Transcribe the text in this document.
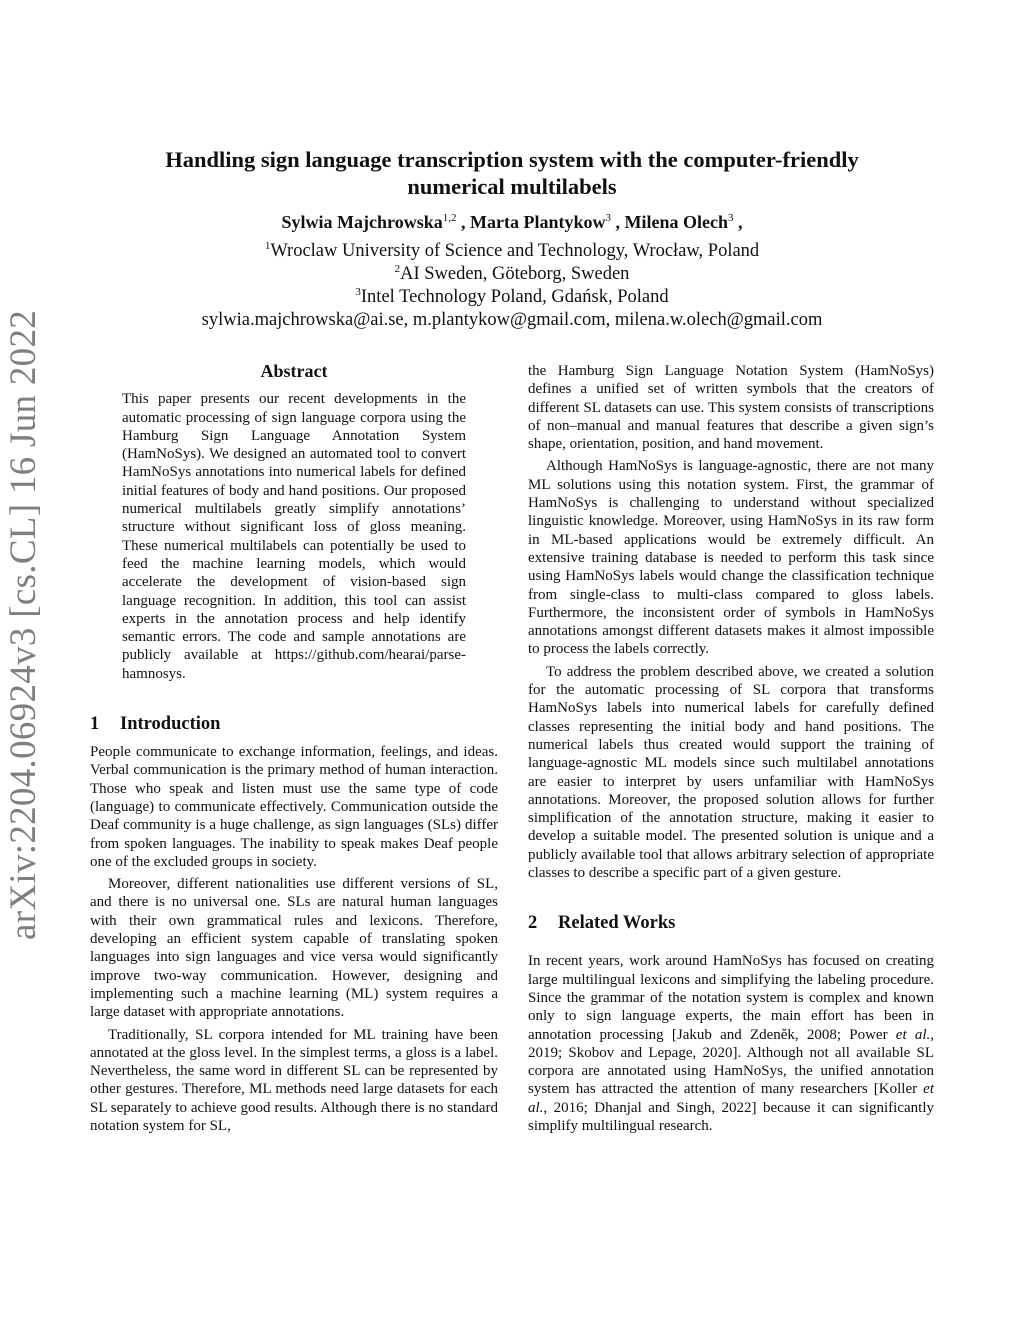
arXiv:2204.06924v3 [cs.CL] 16 Jun 2022
Handling sign language transcription system with the computer-friendly numerical multilabels
Sylwia Majchrowska$^{1,2}$ , Marta Plantykow$^3$ , Milena Olech$^3$ ,
$^1$Wroclaw University of Science and Technology, Wrocław, Poland
$^2$AI Sweden, Göteborg, Sweden
$^3$Intel Technology Poland, Gdańsk, Poland
sylwia.majchrowska@ai.se, m.plantykow@gmail.com, milena.w.olech@gmail.com
Abstract

This paper presents our recent developments in the automatic processing of sign language corpora using the Hamburg Sign Language Annotation System (HamNoSys). We designed an automated tool to convert HamNoSys annotations into numerical labels for defined initial features of body and hand positions. Our proposed numerical multilabels greatly simplify annotations’ structure without significant loss of gloss meaning. These numerical multilabels can potentially be used to feed the machine learning models, which would accelerate the development of vision-based sign language recognition. In addition, this tool can assist experts in the annotation process and help identify semantic errors. The code and sample annotations are publicly available at https://github.com/hearai/parse-hamnosys.

1 Introduction

People communicate to exchange information, feelings, and ideas. Verbal communication is the primary method of human interaction. Those who speak and listen must use the same type of code (language) to communicate effectively. Communication outside the Deaf community is a huge challenge, as sign languages (SLs) differ from spoken languages. The inability to speak makes Deaf people one of the excluded groups in society.

Moreover, different nationalities use different versions of SL, and there is no universal one. SLs are natural human languages with their own grammatical rules and lexicons. Therefore, developing an efficient system capable of translating spoken languages into sign languages and vice versa would significantly improve two-way communication. However, designing and implementing such a machine learning (ML) system requires a large dataset with appropriate annotations.

Traditionally, SL corpora intended for ML training have been annotated at the gloss level. In the simplest terms, a gloss is a label. Nevertheless, the same word in different SL can be represented by other gestures. Therefore, ML methods need large datasets for each SL separately to achieve good results. Although there is no standard notation system for SL,

the Hamburg Sign Language Notation System (HamNoSys) defines a unified set of written symbols that the creators of different SL datasets can use. This system consists of transcriptions of non–manual and manual features that describe a given sign’s shape, orientation, position, and hand movement.

Although HamNoSys is language-agnostic, there are not many ML solutions using this notation system. First, the grammar of HamNoSys is challenging to understand without specialized linguistic knowledge. Moreover, using HamNoSys in its raw form in ML-based applications would be extremely difficult. An extensive training database is needed to perform this task since using HamNoSys labels would change the classification technique from single-class to multi-class compared to gloss labels. Furthermore, the inconsistent order of symbols in HamNoSys annotations amongst different datasets makes it almost impossible to process the labels correctly.

To address the problem described above, we created a solution for the automatic processing of SL corpora that transforms HamNoSys labels into numerical labels for carefully defined classes representing the initial body and hand positions. The numerical labels thus created would support the training of language-agnostic ML models since such multilabel annotations are easier to interpret by users unfamiliar with HamNoSys annotations. Moreover, the proposed solution allows for further simplification of the annotation structure, making it easier to develop a suitable model. The presented solution is unique and a publicly available tool that allows arbitrary selection of appropriate classes to describe a specific part of a given gesture.

2 Related Works

In recent years, work around HamNoSys has focused on creating large multilingual lexicons and simplifying the labeling procedure. Since the grammar of the notation system is complex and known only to sign language experts, the main effort has been in annotation processing [Jakub and Zdeněk, 2008; Power et al., 2019; Skobov and Lepage, 2020]. Although not all available SL corpora are annotated using HamNoSys, the unified annotation system has attracted the attention of many researchers [Koller et al., 2016; Dhanjal and Singh, 2022] because it can significantly simplify multilingual research.
